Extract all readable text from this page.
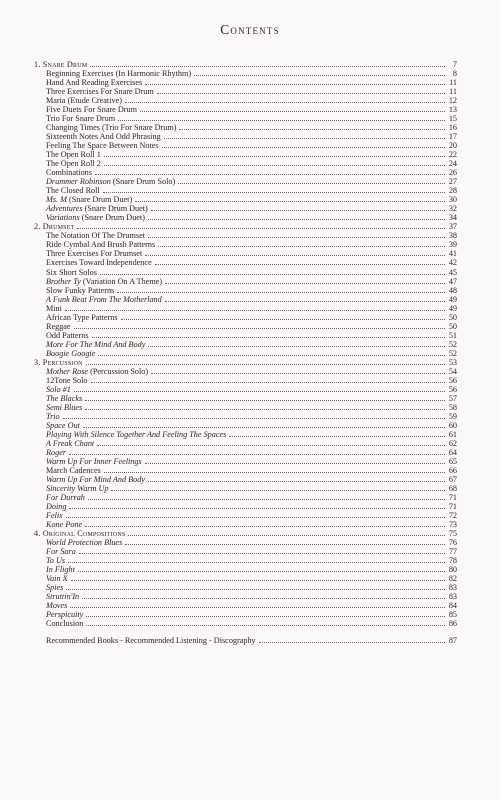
Contents
1. Snare Drum	7
Beginning Exercises (In Harmonic Rhythm)	8
Hand And Reading Exercises	11
Three Exercises For Snare Drum	11
Maria (Etude Creative)	12
Five Duets For Snare Drum	13
Trio For Snare Drum	15
Changing Times (Trio For Snare Drum)	16
Sixteenth Notes And Odd Phrasing	17
Feeling The Space Between Notes	20
The Open Roll 1	22
The Open Roll 2	24
Combinations	26
Drummer Robinson (Snare Drum Solo)	27
The Closed Roll	28
Ms. M (Snare Drum Duet)	30
Adventures (Snare Drum Duet)	32
Variations (Snare Drum Duet)	34
2. Drumset	37
The Notation Of The Drumset	38
Ride Cymbal And Brush Patterns	39
Three Exercises For Drumset	41
Exercises Toward Independence	42
Six Short Solos	45
Brother Ty (Variation On A Theme)	47
Slow Funky Patterns	48
A Funk Beat From The Motherland	49
Mini	49
African Type Patterns	50
Reggae	50
Odd Patterns	51
More For The Mind And Body	52
Boogie Googie	52
3. Percussion	53
Mother Rose (Percussion Solo)	54
12Tone Solo	56
Solo #1	56
The Blacks	57
Semi Blues	58
Trio	59
Space Out	60
Playing With Silence Together And Feeling The Spaces	61
A Freak Chant	62
Roger	64
Warm Up For Inner Feelings	65
March Cadences	66
Warm Up For Mind And Body	67
Sincerity Warm Up	68
For Durrah	71
Doing	71
Felix	72
Kone Pone	73
4. Original Compositions	75
World Protection Blues	76
For Sara	77
To Us	78
In Flight	80
Vain X	82
Spies	83
Struttin'In	83
Moves	84
Perspicuity	85
Conclusion	86
Recommended Books - Recommended Listening - Discography	87
